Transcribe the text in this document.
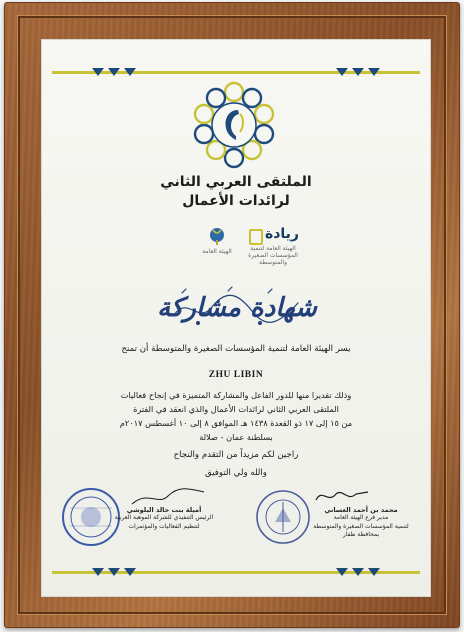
الملتقى العربي الثاني
لرائدات الأعمال
الهيئة العامة
ريادة
الهيئة العامة لتنمية المؤسسات الصغيرة والمتوسطة
شهادة مشاركة
يسر الهيئة العامة لتنمية المؤسسات الصغيرة والمتوسطة أن تمنح
ZHU LIBIN
وذلك تقديرا منها للدور الفاعل والمشاركة المتميزة في إنجاح فعاليات
الملتقى العربي الثاني لرائدات الأعمال والذي انعقد في الفترة
من ١٥ إلى ١٧ ذو القعدة ١٤٣٨ هـ الموافق ٨ إلى ١٠ أغسطس ٢٠١٧م
بسلطنة عمان - صلالة
راجين لكم مزيداً من التقدم والنجاح
والله ولي التوفيق
أميلة بنت خالد البلوشي
الرئيس التنفيذي للشركة الموهبة العربية
لتنظيم الفعاليات والمؤتمرات
محمد بن أحمد الغساني
مدير فرع الهيئة العامة
لتنمية المؤسسات الصغيرة والمتوسطة
بمحافظة ظفار
